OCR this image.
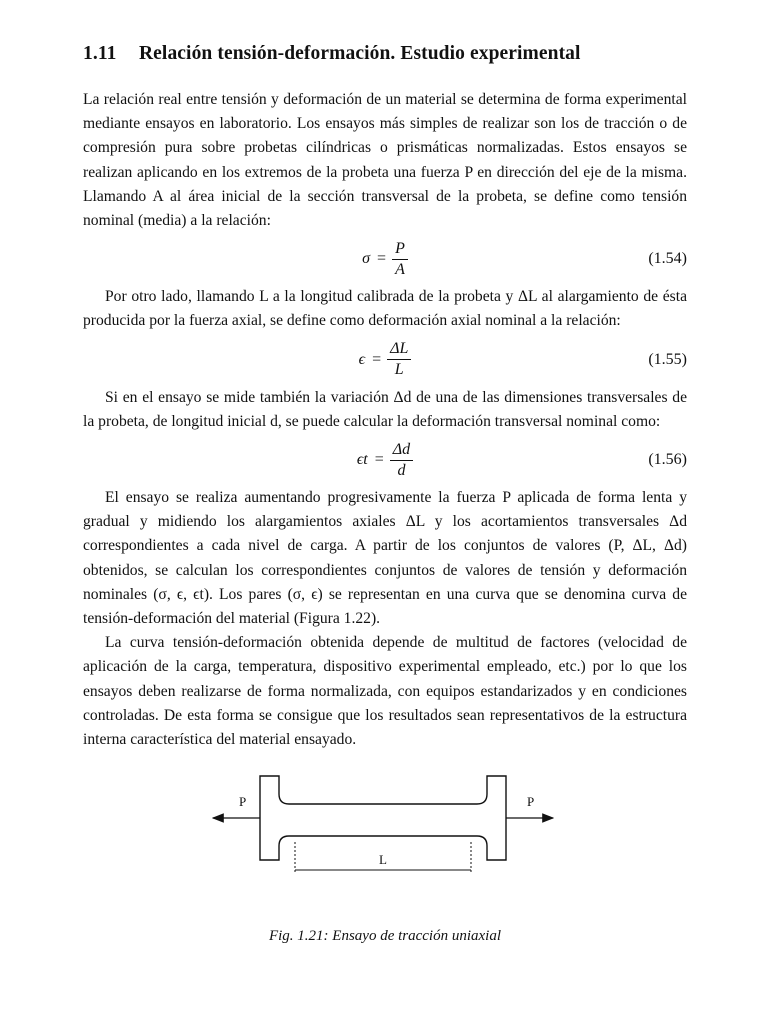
1.11 Relación tensión-deformación. Estudio experimental

La relación real entre tensión y deformación de un material se determina de forma experimental mediante ensayos en laboratorio. Los ensayos más simples de realizar son los de tracción o de compresión pura sobre probetas cilíndricas o prismáticas normalizadas. Estos ensayos se realizan aplicando en los extremos de la probeta una fuerza P en dirección del eje de la misma. Llamando A al área inicial de la sección transversal de la probeta, se define como tensión nominal (media) a la relación:

$\sigma = \frac{P}{A}$	(1.54)

Por otro lado, llamando L a la longitud calibrada de la probeta y ΔL al alargamiento de ésta producida por la fuerza axial, se define como deformación axial nominal a la relación:

$\epsilon = \frac{\Delta L}{L}$	(1.55)

Si en el ensayo se mide también la variación Δd de una de las dimensiones transversales de la probeta, de longitud inicial d, se puede calcular la deformación transversal nominal como:

$\epsilon t = \frac{\Delta d}{d}$	(1.56)

El ensayo se realiza aumentando progresivamente la fuerza P aplicada de forma lenta y gradual y midiendo los alargamientos axiales ΔL y los acortamientos transversales Δd correspondientes a cada nivel de carga. A partir de los conjuntos de valores (P, ΔL, Δd) obtenidos, se calculan los correspondientes conjuntos de valores de tensión y deformación nominales (σ, ϵ, ϵt). Los pares (σ, ϵ) se representan en una curva que se denomina curva de tensión-deformación del material (Figura 1.22).

La curva tensión-deformación obtenida depende de multitud de factores (velocidad de aplicación de la carga, temperatura, dispositivo experimental empleado, etc.) por lo que los ensayos deben realizarse de forma normalizada, con equipos estandarizados y en condiciones controladas. De esta forma se consigue que los resultados sean representativos de la estructura interna característica del material ensayado.

P	P
L
Fig. 1.21: Ensayo de tracción uniaxial
